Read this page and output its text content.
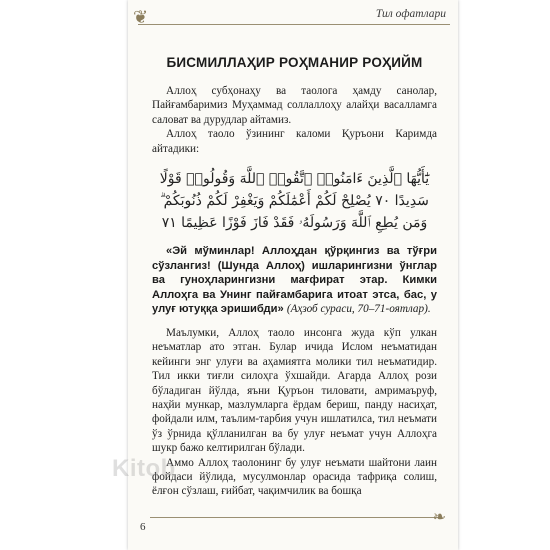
❦	Тил офатлари
БИСМИЛЛАҲИР РОҲМАНИР РОҲИЙМ

Аллоҳ субҳонаҳу ва таолога ҳамду санолар, Пайғамбаримиз Муҳаммад соллаллоҳу алайҳи васалламга саловат ва дурудлар айтамиз.

Аллоҳ таоло ўзининг каломи Қуръони Каримда айтадики:

يَٰٓأَيُّهَا ٱلَّذِينَ ءَامَنُوا۟ ٱتَّقُوا۟ ٱللَّهَ وَقُولُوا۟ قَوْلًا سَدِيدًا ٧٠ يُصْلِحْ لَكُمْ أَعْمَٰلَكُمْ وَيَغْفِرْ لَكُمْ ذُنُوبَكُمْ ۗ وَمَن يُطِعِ ٱللَّهَ وَرَسُولَهُۥ فَقَدْ فَازَ فَوْزًا عَظِيمًا ٧١

«Эй мўминлар! Аллоҳдан қўрқингиз ва тўғри сўзлангиз! (Шунда Аллоҳ) ишларингизни ўнглар ва гуноҳларингизни мағфират этар. Кимки Аллоҳга ва Унинг пайғамбарига итоат этса, бас, у улуғ ютуққа эришибди» (Аҳзоб сураси, 70–71-оятлар).

Маълумки, Аллоҳ таоло инсонга жуда кўп улкан неъматлар ато этган. Булар ичида Ислом неъматидан кейинги энг улуғи ва аҳамиятга молики тил неъматидир. Тил икки тиғли силоҳга ўхшайди. Агарда Аллоҳ рози бўладиган йўлда, яъни Қуръон тиловати, амримаъруф, наҳйи мункар, мазлумларга ёрдам бериш, панду насиҳат, фойдали илм, таълим-тарбия учун ишлатилса, тил неъмати ўз ўрнида қўлланилган ва бу улуғ неъмат учун Аллоҳга шукр бажо келтирилган бўлади.

Аммо Аллоҳ таолонинг бу улуғ неъмати шайтони лаин фойдаси йўлида, мусулмонлар орасида тафриқа солиш, ёлғон сўзлаш, ғийбат, чақимчилик ва бошқа

Kitob
6
❧
